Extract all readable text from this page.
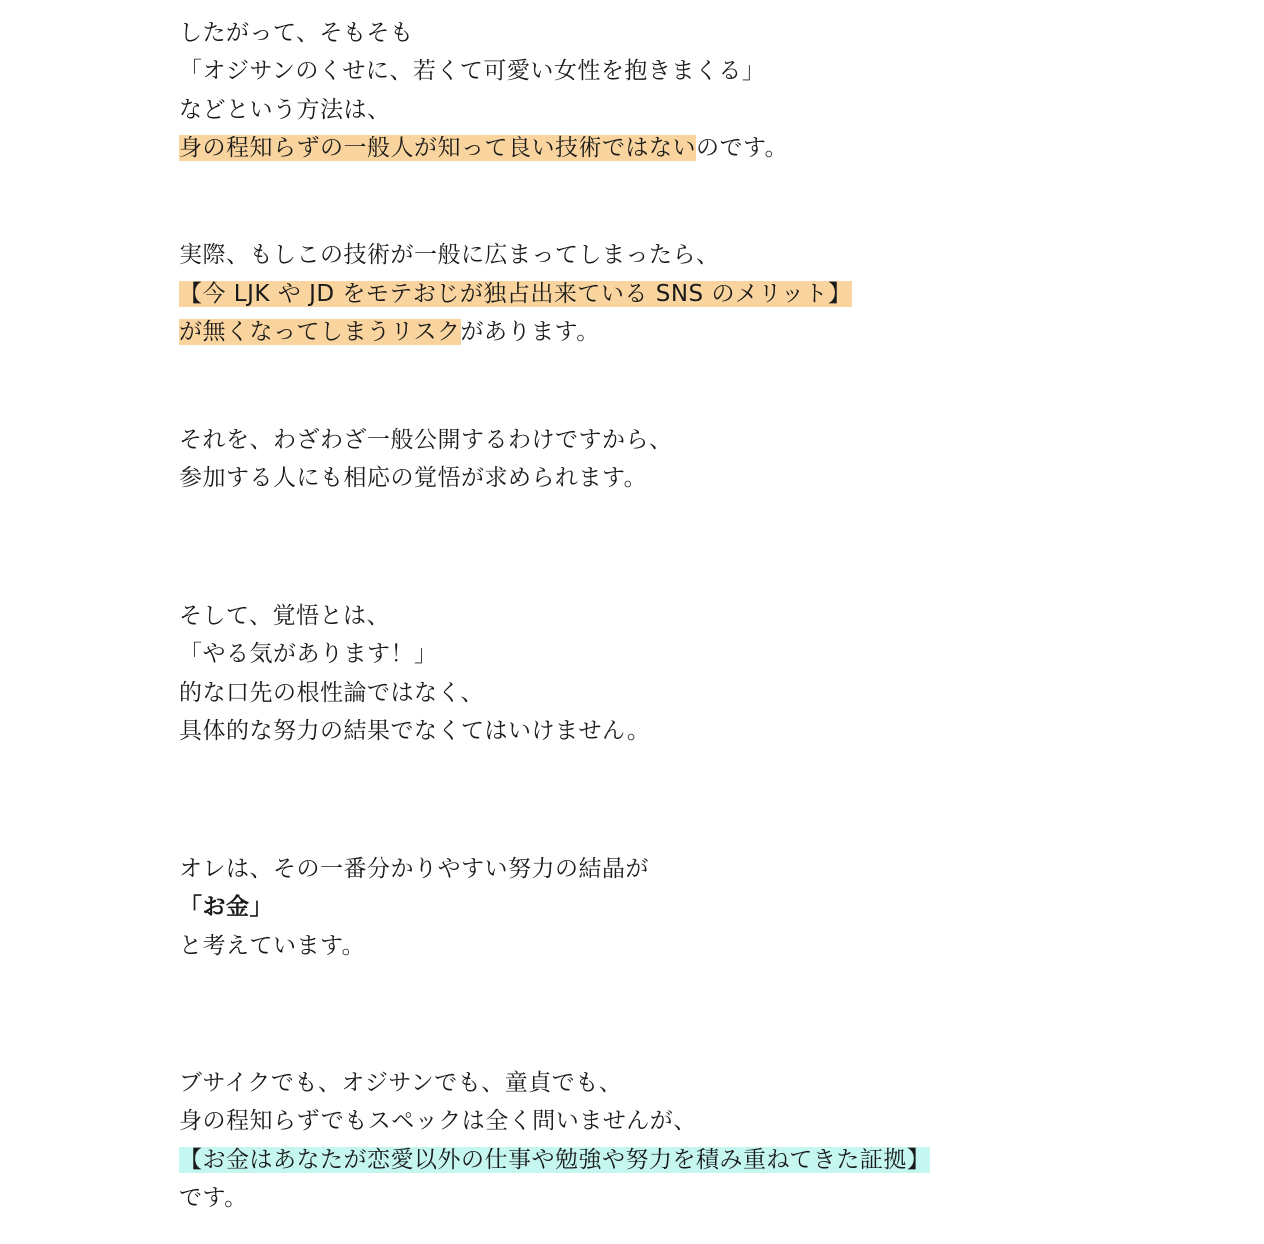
したがって、そもそも
「オジサンのくせに、若くて可愛い女性を抱きまくる」
などという方法は、
身の程知らずの一般人が知って良い技術ではないのです。
実際、もしこの技術が一般に広まってしまったら、
【今 LJK や JD をモテおじが独占出来ている SNS のメリット】
が無くなってしまうリスクがあります。
それを、わざわざ一般公開するわけですから、
参加する人にも相応の覚悟が求められます。
そして、覚悟とは、
「やる気があります！」
的な口先の根性論ではなく、
具体的な努力の結果でなくてはいけません。
オレは、その一番分かりやすい努力の結晶が
「お金」
と考えています。
ブサイクでも、オジサンでも、童貞でも、
身の程知らずでもスペックは全く問いませんが、
【お金はあなたが恋愛以外の仕事や勉強や努力を積み重ねてきた証拠】
です。
